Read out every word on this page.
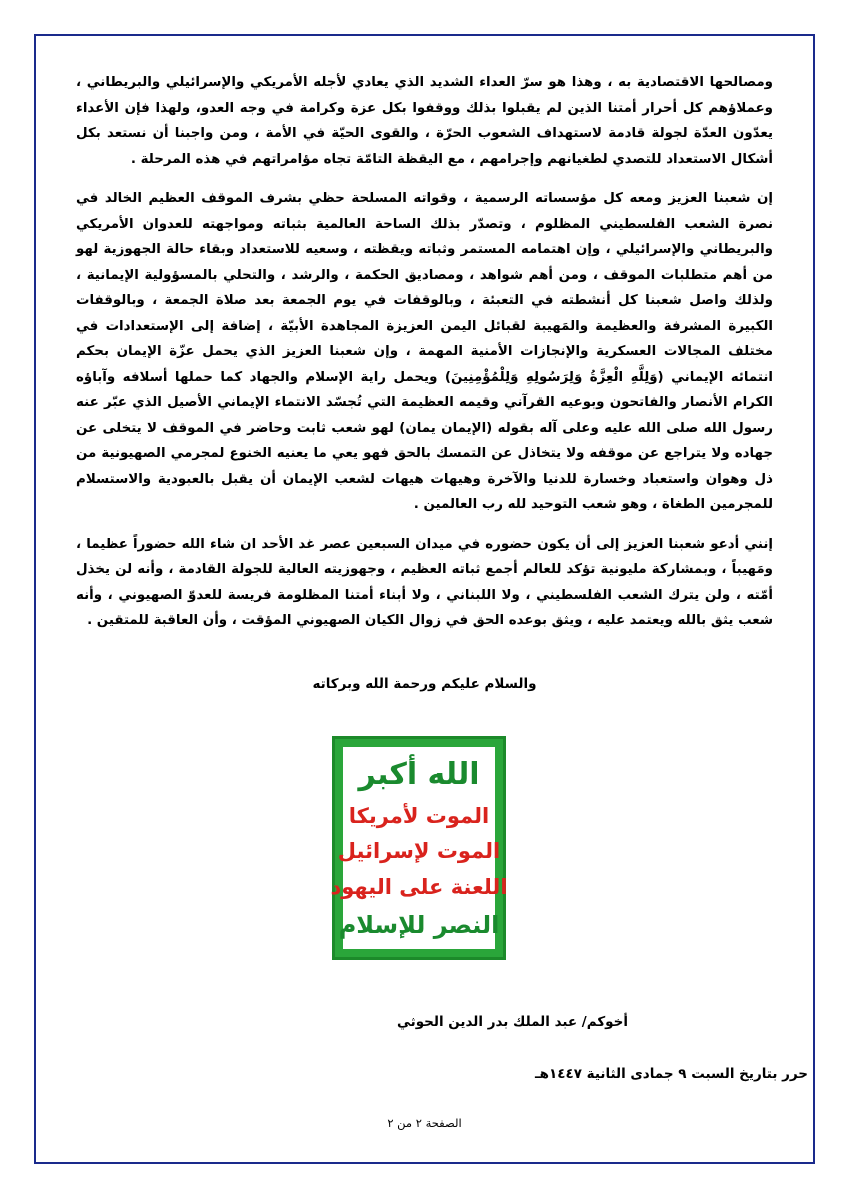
ومصالحها الاقتصادية به ، وهذا هو سرّ العداء الشديد الذي يعادي لأجله الأمريكي والإسرائيلي والبريطاني ، وعملاؤهم كل أحرار أمتنا الذين لم يقبلوا بذلك ووقفوا بكل عزة وكرامة في وجه العدو، ولهذا فإن الأعداء يعدّون العدّة لجولة قادمة لاستهداف الشعوب الحرّة ، والقوى الحيّة في الأمة ، ومن واجبنا أن نستعد بكل أشكال الاستعداد للتصدي لطغيانهم وإجرامهم ، مع اليقظة التامّة تجاه مؤامراتهم في هذه المرحلة .

إن شعبنا العزيز ومعه كل مؤسساته الرسمية ، وقواته المسلحة حظي بشرف الموقف العظيم الخالد في نصرة الشعب الفلسطيني المظلوم ، وتصدّر بذلك الساحة العالمية بثباته ومواجهته للعدوان الأمريكي والبريطاني والإسرائيلي ، وإن اهتمامه المستمر وثباته ويقظته ، وسعيه للاستعداد وبقاء حالة الجهوزية لهو من أهم متطلبات الموقف ، ومن أهم شواهد ، ومصاديق الحكمة ، والرشد ، والتحلي بالمسؤولية الإيمانية ، ولذلك واصل شعبنا كل أنشطته في التعبئة ، وبالوقفات في يوم الجمعة بعد صلاة الجمعة ، وبالوقفات الكبيرة المشرفة والعظيمة والمَهيبة لقبائل اليمن العزيزة المجاهدة الأبيّة ، إضافة إلى الإستعدادات في مختلف المجالات العسكرية والإنجازات الأمنية المهمة ، وإن شعبنا العزيز الذي يحمل عزّة الإيمان بحكم انتمائه الإيماني (وَلِلَّهِ الْعِزَّةُ وَلِرَسُولِهِ وَلِلْمُؤْمِنِينَ) ويحمل راية الإسلام والجهاد كما حملها أسلافه وآباؤه الكرام الأنصار والفاتحون وبوعيه القرآني وقيمه العظيمة التي تُجسّد الانتماء الإيماني الأصيل الذي عبّر عنه رسول الله صلى الله عليه وعلى آله بقوله (الإيمان يمان) لهو شعب ثابت وحاضر في الموقف لا يتخلى عن جهاده ولا يتراجع عن موقفه ولا يتخاذل عن التمسك بالحق فهو يعي ما يعنيه الخنوع لمجرمي الصهيونية من ذل وهوان واستعباد وخسارة للدنيا والآخرة وهيهات هيهات لشعب الإيمان أن يقبل بالعبودية والاستسلام للمجرمين الطغاة ، وهو شعب التوحيد لله رب العالمين .

إنني أدعو شعبنا العزيز إلى أن يكون حضوره في ميدان السبعين عصر غد الأحد ان شاء الله حضوراً عظيما ، ومَهيباً ، وبمشاركة مليونية تؤكد للعالم أجمع ثباته العظيم ، وجهوزيته العالية للجولة القادمة ، وأنه لن يخذل أمّته ، ولن يترك الشعب الفلسطيني ، ولا اللبناني ، ولا أبناء أمتنا المظلومة فريسة للعدوّ الصهيوني ، وأنه شعب يثق بالله ويعتمد عليه ، ويثق بوعده الحق في زوال الكيان الصهيوني المؤقت ، وأن العاقبة للمتقين .

والسلام عليكم ورحمة الله وبركاته
الله أكبر
الموت لأمريكا
الموت لإسرائيل
اللعنة على اليهود
النصر للإسلام
أخوكم/ عبد الملك بدر الدين الحوثي
حرر بتاريخ السبت ٩ جمادى الثانية ١٤٤٧هـ
الصفحة ٢ من ٢
